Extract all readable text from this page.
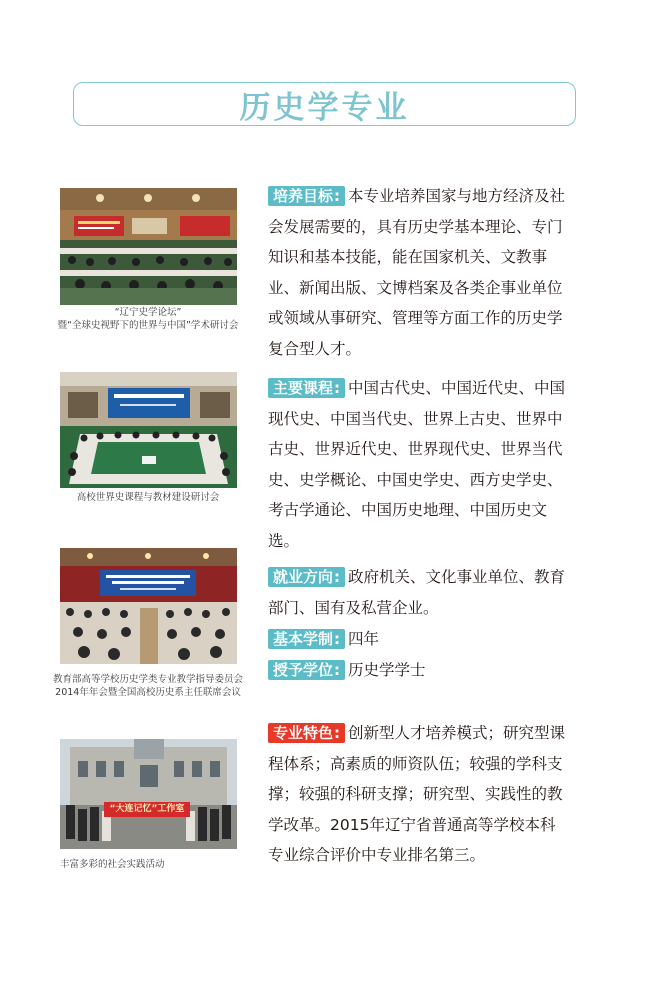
历史学专业
“辽宁史学论坛”
暨“全球史视野下的世界与中国”学术研讨会
高校世界史课程与教材建设研讨会
教育部高等学校历史学类专业教学指导委员会
2014年年会暨全国高校历史系主任联席会议
“大连记忆”工作室
丰富多彩的社会实践活动
培养目标: 本专业培养国家与地方经济及社会发展需要的，具有历史学基本理论、专门知识和基本技能，能在国家机关、文教事业、新闻出版、文博档案及各类企事业单位或领域从事研究、管理等方面工作的历史学复合型人才。
主要课程: 中国古代史、中国近代史、中国现代史、中国当代史、世界上古史、世界中古史、世界近代史、世界现代史、世界当代史、史学概论、中国史学史、西方史学史、考古学通论、中国历史地理、中国历史文选。
就业方向: 政府机关、文化事业单位、教育部门、国有及私营企业。
基本学制: 四年
授予学位: 历史学学士
专业特色: 创新型人才培养模式；研究型课程体系；高素质的师资队伍；较强的学科支撑；较强的科研支撑；研究型、实践性的教学改革。2015年辽宁省普通高等学校本科专业综合评价中专业排名第三。
